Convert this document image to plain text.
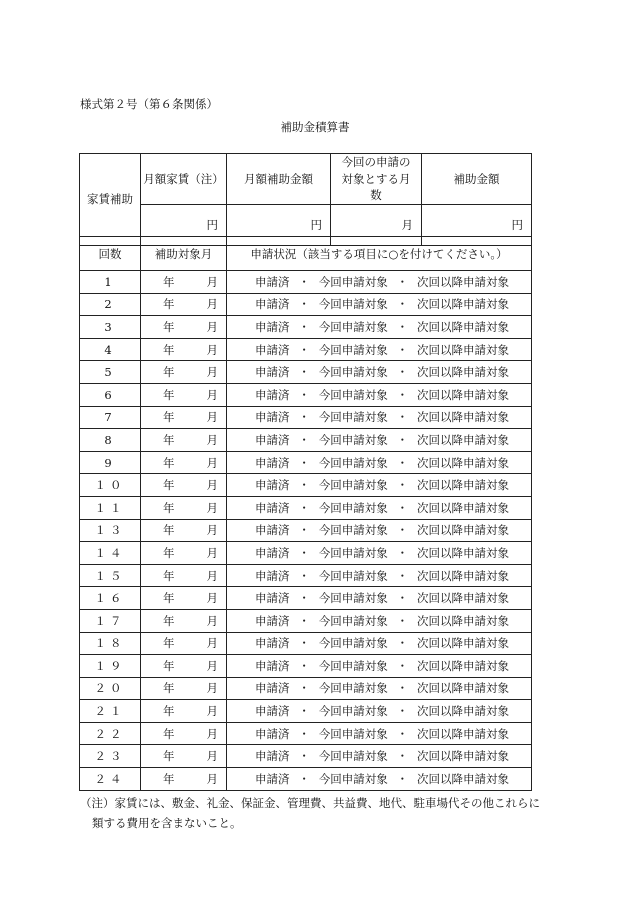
様式第２号（第６条関係）
補助金積算書
家賃補助	月額家賃（注）	月額補助金額	今回の申請の対象とする月数	補助金額
	円	円	月	円
回数	補助対象月	申請状況（該当する項目に○を付けてください。）
1	年 月	申請済 ・ 今回申請対象 ・ 次回以降申請対象

2	年 月	申請済 ・ 今回申請対象 ・ 次回以降申請対象

3	年 月	申請済 ・ 今回申請対象 ・ 次回以降申請対象

4	年 月	申請済 ・ 今回申請対象 ・ 次回以降申請対象

5	年 月	申請済 ・ 今回申請対象 ・ 次回以降申請対象

6	年 月	申請済 ・ 今回申請対象 ・ 次回以降申請対象

7	年 月	申請済 ・ 今回申請対象 ・ 次回以降申請対象

8	年 月	申請済 ・ 今回申請対象 ・ 次回以降申請対象

9	年 月	申請済 ・ 今回申請対象 ・ 次回以降申請対象

１０	年 月	申請済 ・ 今回申請対象 ・ 次回以降申請対象

１１	年 月	申請済 ・ 今回申請対象 ・ 次回以降申請対象

１３	年 月	申請済 ・ 今回申請対象 ・ 次回以降申請対象

１４	年 月	申請済 ・ 今回申請対象 ・ 次回以降申請対象

１５	年 月	申請済 ・ 今回申請対象 ・ 次回以降申請対象

１６	年 月	申請済 ・ 今回申請対象 ・ 次回以降申請対象

１７	年 月	申請済 ・ 今回申請対象 ・ 次回以降申請対象

１８	年 月	申請済 ・ 今回申請対象 ・ 次回以降申請対象

１９	年 月	申請済 ・ 今回申請対象 ・ 次回以降申請対象

２０	年 月	申請済 ・ 今回申請対象 ・ 次回以降申請対象

２１	年 月	申請済 ・ 今回申請対象 ・ 次回以降申請対象

２２	年 月	申請済 ・ 今回申請対象 ・ 次回以降申請対象

２３	年 月	申請済 ・ 今回申請対象 ・ 次回以降申請対象

２４	年 月	申請済 ・ 今回申請対象 ・ 次回以降申請対象
（注）家賃には、敷金、礼金、保証金、管理費、共益費、地代、駐車場代その他これらに
類する費用を含まないこと。
